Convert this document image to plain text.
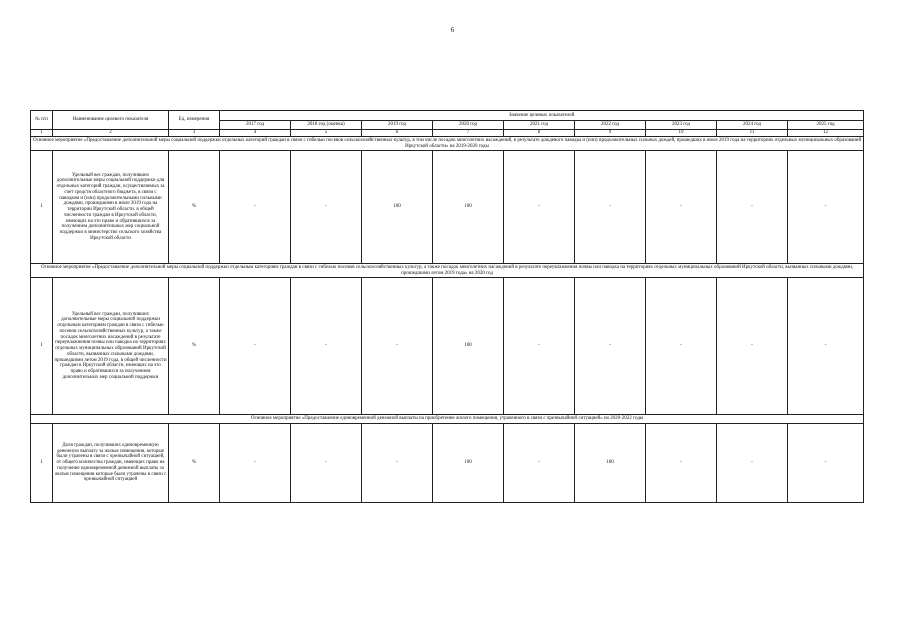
6
№ п/п	Наименование целевого показателя	Ед. измерения	Значение целевых показателей								
			2017 год	2018 год (оценка)	2019 год	2020 год	2021 год	2022 год	2023 год	2024 год	2025 год
1	2	3	4	5	6	7	8	9	10	11	12
Основное мероприятие «Предоставление дополнительной меры социальной поддержки отдельных категорий граждан в связи с гибелью посевов сельскохозяйственных культур, в том числе посадок многолетних насаждений, в результате дождевого паводка и (или) продолжительных сильных дождей, прошедших в июле 2019 года на территориях отдельных муниципальных образований Иркутской области» на 2019-2020 годы											
1	Удельный вес граждан, получивших дополнительные меры социальной поддержки для отдельных категорий граждан, осуществляемых за счет средств областного бюджета, в связи с паводком и (или) продолжительными сильными дождями, прошедшими в июле 2019 года на территории Иркутской области, в общей численности граждан в Иркутской области, имеющих на это право и обратившихся за получением дополнительных мер социальной поддержки в министерство сельского хозяйства Иркутской области	%	-	-	100	100	-	-	-	-	-
Основное мероприятие «Предоставление дополнительной меры социальной поддержки отдельным категориям граждан в связи с гибелью посевов сельскохозяйственных культур, а также посадок многолетних насаждений в результате переувлажнения почвы или паводка на территориях отдельных муниципальных образований Иркутской области, вызванных сильными дождями, прошедшими летом 2019 года» на 2020 год											
1	Удельный вес граждан, получивших дополнительные меры социальной поддержки отдельным категориям граждан в связи с гибелью посевов сельскохозяйственных культур, а также посадок многолетних насаждений в результате переувлажнения почвы или паводка на территориях отдельных муниципальных образований Иркутской области, вызванных сильными дождями, прошедшими летом 2019 года, в общей численности граждан в Иркутской области, имеющих на это право и обратившихся за получением дополнительных мер социальной поддержки	%	-	-	-	100	-	-	-	-	-
Основное мероприятие «Предоставление единовременной денежной выплаты на приобретение жилого помещения, утраченного в связи с чрезвычайной ситуацией» на 2020-2022 годы											
1	Доля граждан, получивших единовременную денежную выплату за жилые помещения, которые были утрачены в связи с чрезвычайной ситуацией, от общего количества граждан, имеющих право на получение единовременной денежной выплаты за жилые помещения которые были утрачены в связи с чрезвычайной ситуацией	%	-	-	-	100	-	100	-	-	-
